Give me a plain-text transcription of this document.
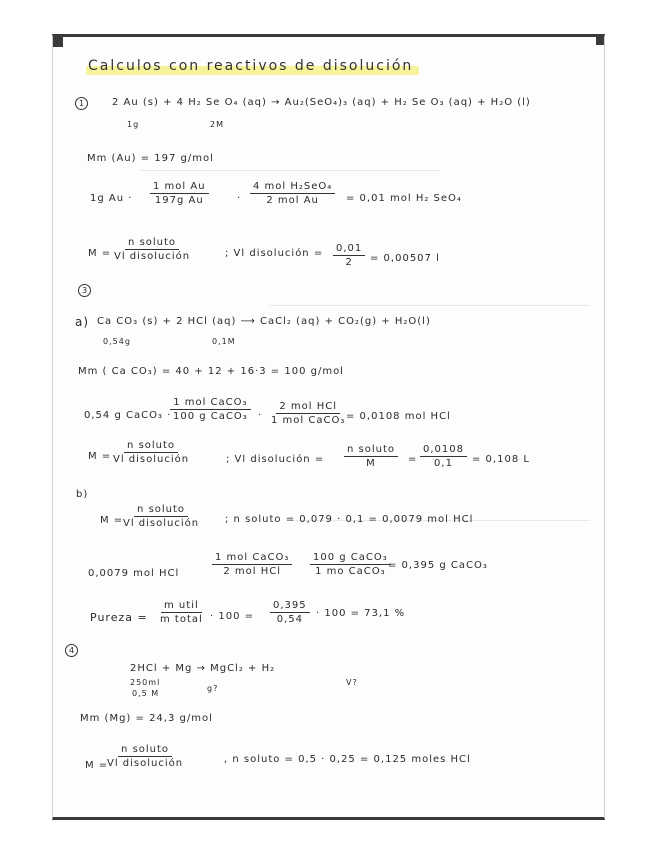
Calculos con reactivos de disolución
1	2 Au (s) + 4 H₂ Se O₄ (aq) → Au₂(SeO₄)₃ (aq) + H₂ Se O₃ (aq) + H₂O (l)
1g	2M
Mm (Au) = 197 g/mol
1g Au ·
1 mol Au
197g Au	·
4 mol H₂SeO₄
2 mol Au	= 0,01 mol H₂ SeO₄
M =
n soluto
Vl disolución	; Vl disolución = $\frac{0,01}{2} = 0,00507$ l
3
a) Ca CO₃ (s) + 2 HCl (aq) ⟶ CaCl₂ (aq) + CO₂(g) + H₂O(l)
0,54g	0,1M
Mm ( Ca CO₃) = 40 + 12 + 16·3 = 100 g/mol
0,54 g CaCO₃ ·
1 mol CaCO₃
100 g CaCO₃	·
2 mol HCl
1 mol CaCO₃ = 0,0108 mol HCl
M =
n soluto
Vl disolución	; Vl disolución =
n soluto
M	= $\frac{0,0108}{0,1} = 0,108$ L
b)
M =
n soluto
Vl disolución	; n soluto = 0,079 · 0,1 = 0,0079 mol HCl
0,0079 mol HCl
1 mol CaCO₃
2 mol HCl
100 g CaCO₃
1 mo CaCO₃
= 0,395 g CaCO₃
Pureza =
m util
m total · $100 = \frac{0,395}{0,54} \cdot 100 = 73,1$ %
4
2HCl + Mg → MgCl₂ + H₂
250ml
0,5 M
g?
V?
Mm (Mg) = 24,3 g/mol
M =
n soluto
Vl disolución	, n soluto = 0,5 · 0,25 = 0,125 moles HCl
